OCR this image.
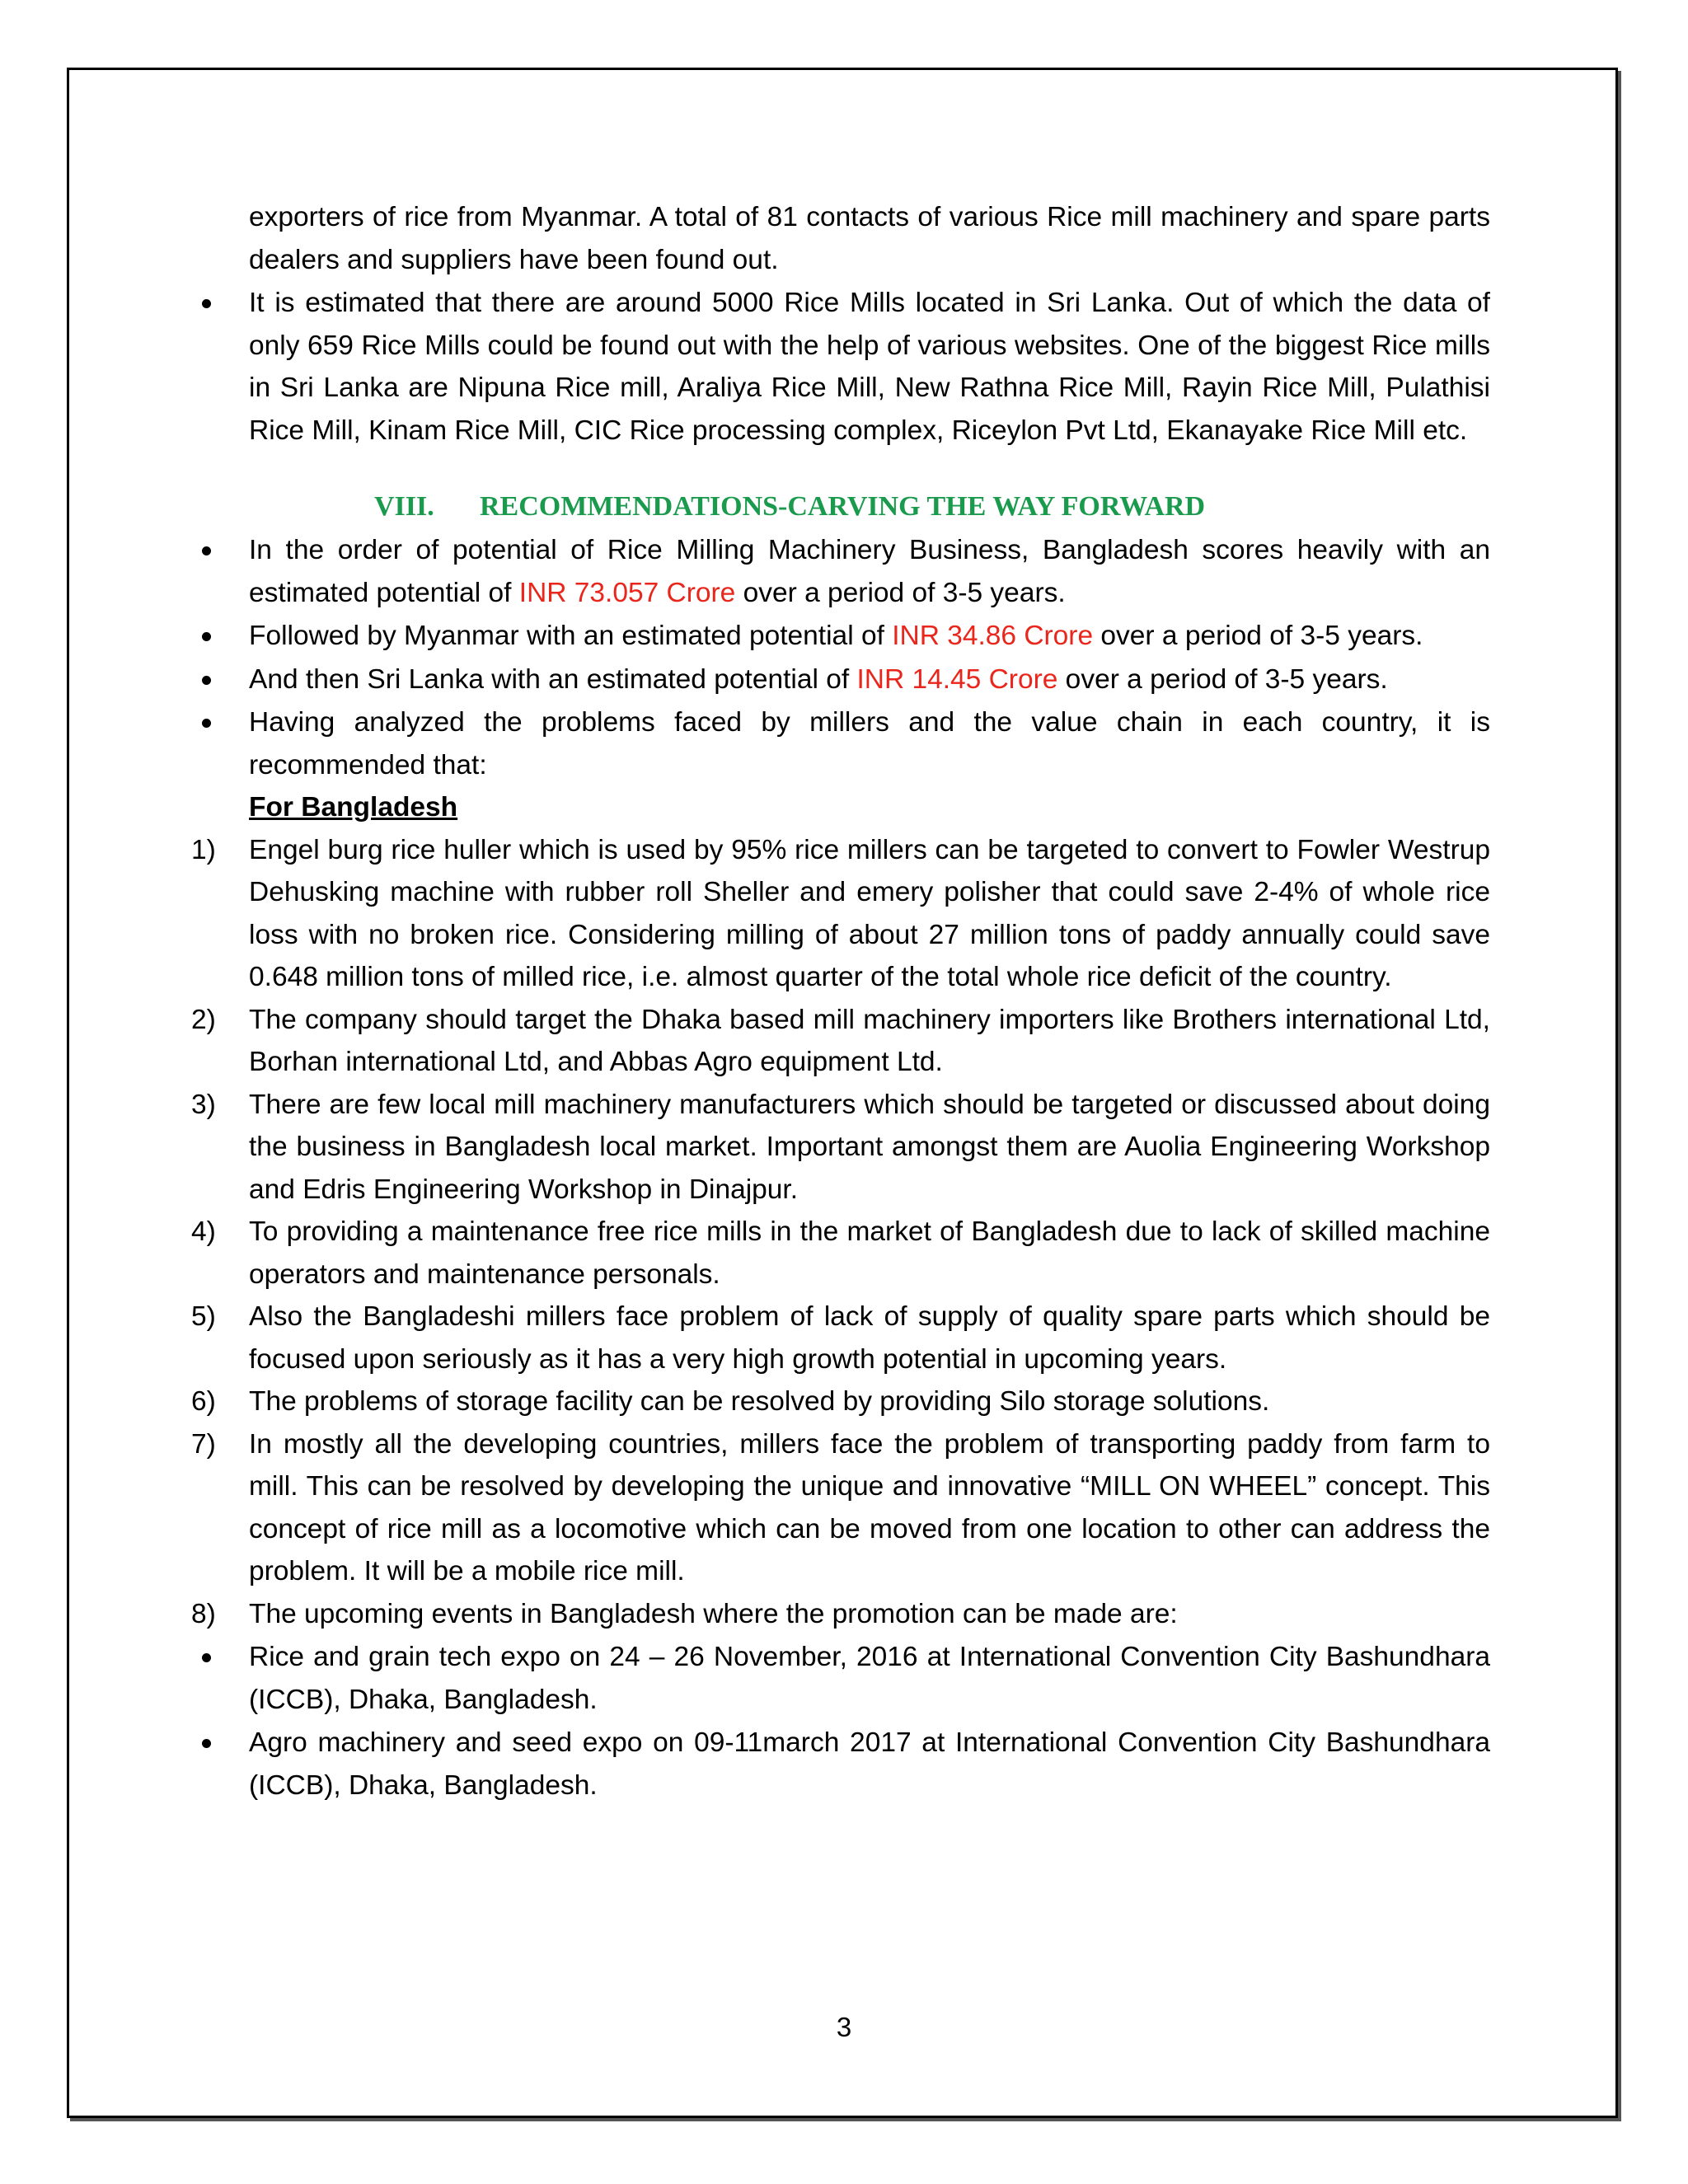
exporters of rice from Myanmar. A total of 81 contacts of various Rice mill machinery and spare parts dealers and suppliers have been found out.

It is estimated that there are around 5000 Rice Mills located in Sri Lanka. Out of which the data of only 659 Rice Mills could be found out with the help of various websites. One of the biggest Rice mills in Sri Lanka are Nipuna Rice mill, Araliya Rice Mill, New Rathna Rice Mill, Rayin Rice Mill, Pulathisi Rice Mill, Kinam Rice Mill, CIC Rice processing complex, Riceylon Pvt Ltd, Ekanayake Rice Mill etc.

VIII. RECOMMENDATIONS-CARVING THE WAY FORWARD

In the order of potential of Rice Milling Machinery Business, Bangladesh scores heavily with an estimated potential of INR 73.057 Crore over a period of 3-5 years.

Followed by Myanmar with an estimated potential of INR 34.86 Crore over a period of 3-5 years.

And then Sri Lanka with an estimated potential of INR 14.45 Crore over a period of 3-5 years.

Having analyzed the problems faced by millers and the value chain in each country, it is recommended that:

For Bangladesh

1)	Engel burg rice huller which is used by 95% rice millers can be targeted to convert to Fowler Westrup Dehusking machine with rubber roll Sheller and emery polisher that could save 2-4% of whole rice loss with no broken rice. Considering milling of about 27 million tons of paddy annually could save 0.648 million tons of milled rice, i.e. almost quarter of the total whole rice deficit of the country.

2)	The company should target the Dhaka based mill machinery importers like Brothers international Ltd, Borhan international Ltd, and Abbas Agro equipment Ltd.

3)	There are few local mill machinery manufacturers which should be targeted or discussed about doing the business in Bangladesh local market. Important amongst them are Auolia Engineering Workshop and Edris Engineering Workshop in Dinajpur.

4)	To providing a maintenance free rice mills in the market of Bangladesh due to lack of skilled machine operators and maintenance personals.

5)	Also the Bangladeshi millers face problem of lack of supply of quality spare parts which should be focused upon seriously as it has a very high growth potential in upcoming years.

6)	The problems of storage facility can be resolved by providing Silo storage solutions.

7)	In mostly all the developing countries, millers face the problem of transporting paddy from farm to mill. This can be resolved by developing the unique and innovative “MILL ON WHEEL” concept. This concept of rice mill as a locomotive which can be moved from one location to other can address the problem. It will be a mobile rice mill.

8)	The upcoming events in Bangladesh where the promotion can be made are:

Rice and grain tech expo on 24 – 26 November, 2016 at International Convention City Bashundhara (ICCB), Dhaka, Bangladesh.

Agro machinery and seed expo on 09-11march 2017 at International Convention City Bashundhara (ICCB), Dhaka, Bangladesh.

3
